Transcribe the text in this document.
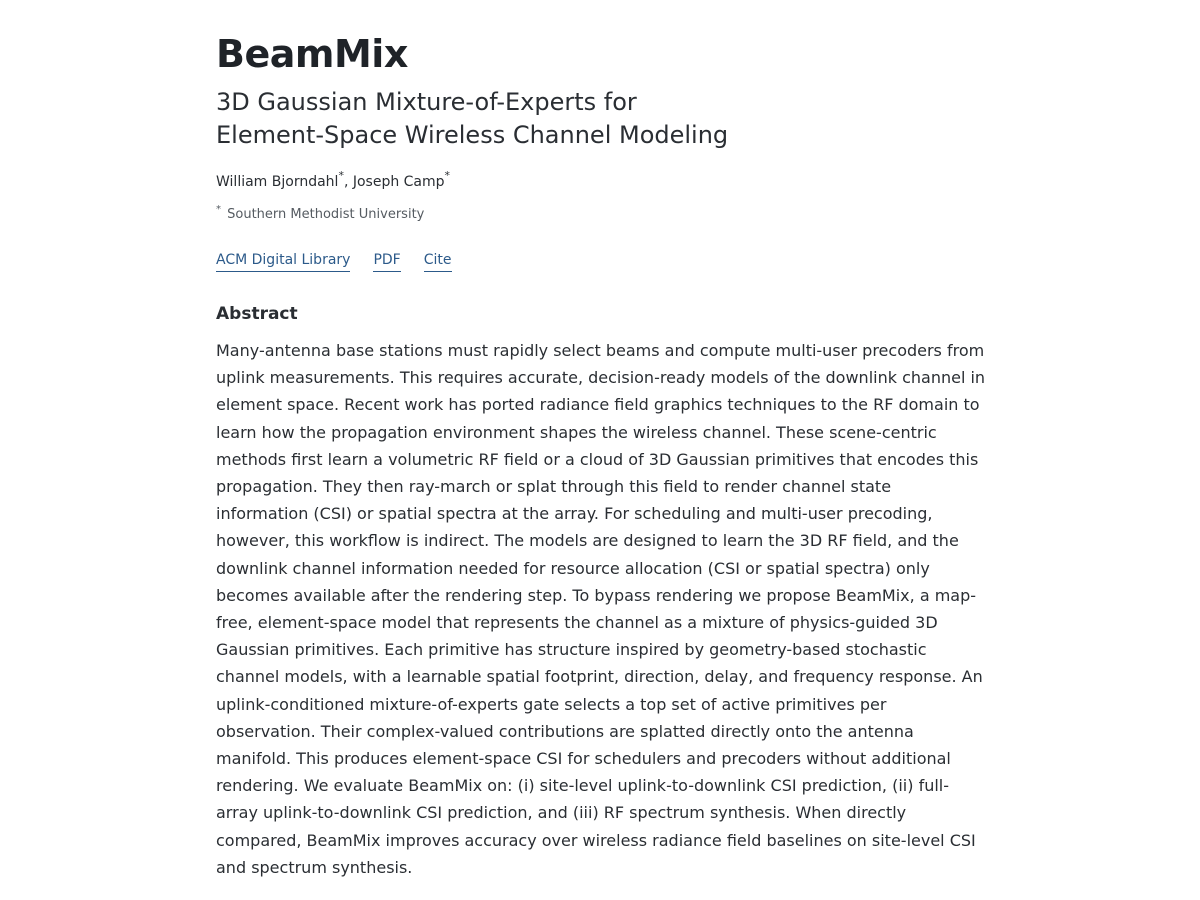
BeamMix
3D Gaussian Mixture-of-Experts for
Element-Space Wireless Channel Modeling
William Bjorndahl*, Joseph Camp*
* Southern Methodist University
ACM Digital Library PDF Cite
Abstract

Many-antenna base stations must rapidly select beams and compute multi-user precoders from uplink measurements. This requires accurate, decision-ready models of the downlink channel in element space. Recent work has ported radiance field graphics techniques to the RF domain to learn how the propagation environment shapes the wireless channel. These scene-centric methods first learn a volumetric RF field or a cloud of 3D Gaussian primitives that encodes this propagation. They then ray-march or splat through this field to render channel state information (CSI) or spatial spectra at the array. For scheduling and multi-user precoding, however, this workflow is indirect. The models are designed to learn the 3D RF field, and the downlink channel information needed for resource allocation (CSI or spatial spectra) only becomes available after the rendering step. To bypass rendering we propose BeamMix, a map-free, element-space model that represents the channel as a mixture of physics-guided 3D Gaussian primitives. Each primitive has structure inspired by geometry-based stochastic channel models, with a learnable spatial footprint, direction, delay, and frequency response. An uplink-conditioned mixture-of-experts gate selects a top set of active primitives per observation. Their complex-valued contributions are splatted directly onto the antenna manifold. This produces element-space CSI for schedulers and precoders without additional rendering. We evaluate BeamMix on: (i) site-level uplink-to-downlink CSI prediction, (ii) full-array uplink-to-downlink CSI prediction, and (iii) RF spectrum synthesis. When directly compared, BeamMix improves accuracy over wireless radiance field baselines on site-level CSI and spectrum synthesis.
